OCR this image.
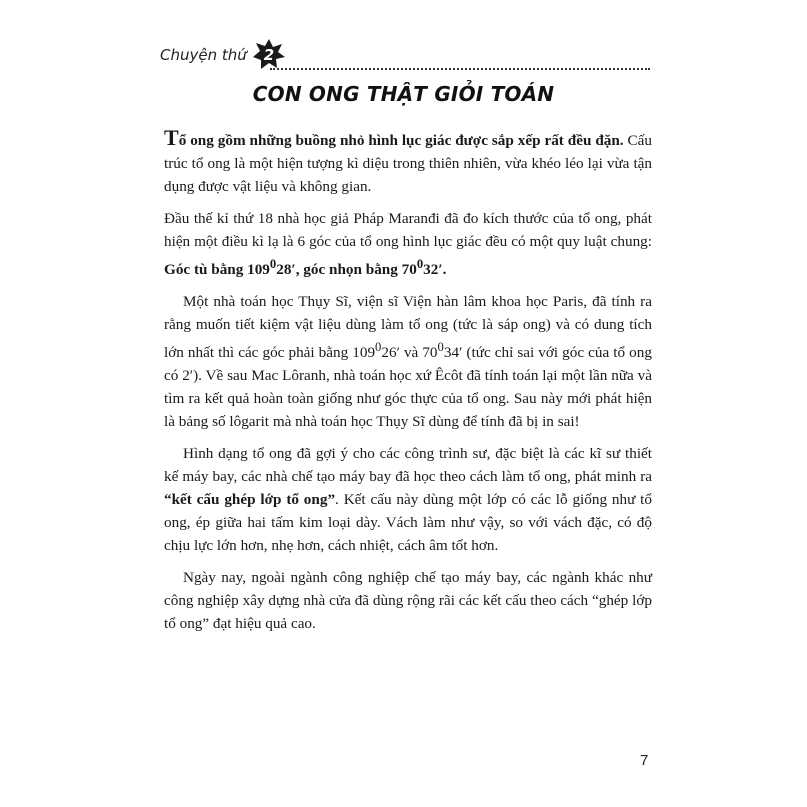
Chuyện thứ	2
CON ONG THẬT GIỎI TOÁN

Tổ ong gồm những buồng nhỏ hình lục giác được sắp xếp rất đều đặn. Cấu trúc tổ ong là một hiện tượng kì diệu trong thiên nhiên, vừa khéo léo lại vừa tận dụng được vật liệu và không gian.

Đầu thế kỉ thứ 18 nhà học giả Pháp Maranđi đã đo kích thước của tổ ong, phát hiện một điều kì lạ là 6 góc của tổ ong hình lục giác đều có một quy luật chung: Góc tù bằng $109^028'$, góc nhọn bằng $70^032'$.

Một nhà toán học Thụy Sĩ, viện sĩ Viện hàn lâm khoa học Paris, đã tính ra rằng muốn tiết kiệm vật liệu dùng làm tổ ong (tức là sáp ong) và có dung tích lớn nhất thì các góc phải bằng $109^026'$ và $70^034'$ (tức chỉ sai với góc của tổ ong có 2′). Về sau Mac Lôranh, nhà toán học xứ Êcôt đã tính toán lại một lần nữa và tìm ra kết quả hoàn toàn giống như góc thực của tổ ong. Sau này mới phát hiện là bảng số lôgarit mà nhà toán học Thụy Sĩ dùng để tính đã bị in sai!

Hình dạng tổ ong đã gợi ý cho các công trình sư, đặc biệt là các kĩ sư thiết kế máy bay, các nhà chế tạo máy bay đã học theo cách làm tổ ong, phát minh ra “kết cấu ghép lớp tổ ong”. Kết cấu này dùng một lớp có các lỗ giống như tổ ong, ép giữa hai tấm kim loại dày. Vách làm như vậy, so với vách đặc, có độ chịu lực lớn hơn, nhẹ hơn, cách nhiệt, cách âm tốt hơn.

Ngày nay, ngoài ngành công nghiệp chế tạo máy bay, các ngành khác như công nghiệp xây dựng nhà cửa đã dùng rộng rãi các kết cấu theo cách “ghép lớp tổ ong” đạt hiệu quả cao.

7
